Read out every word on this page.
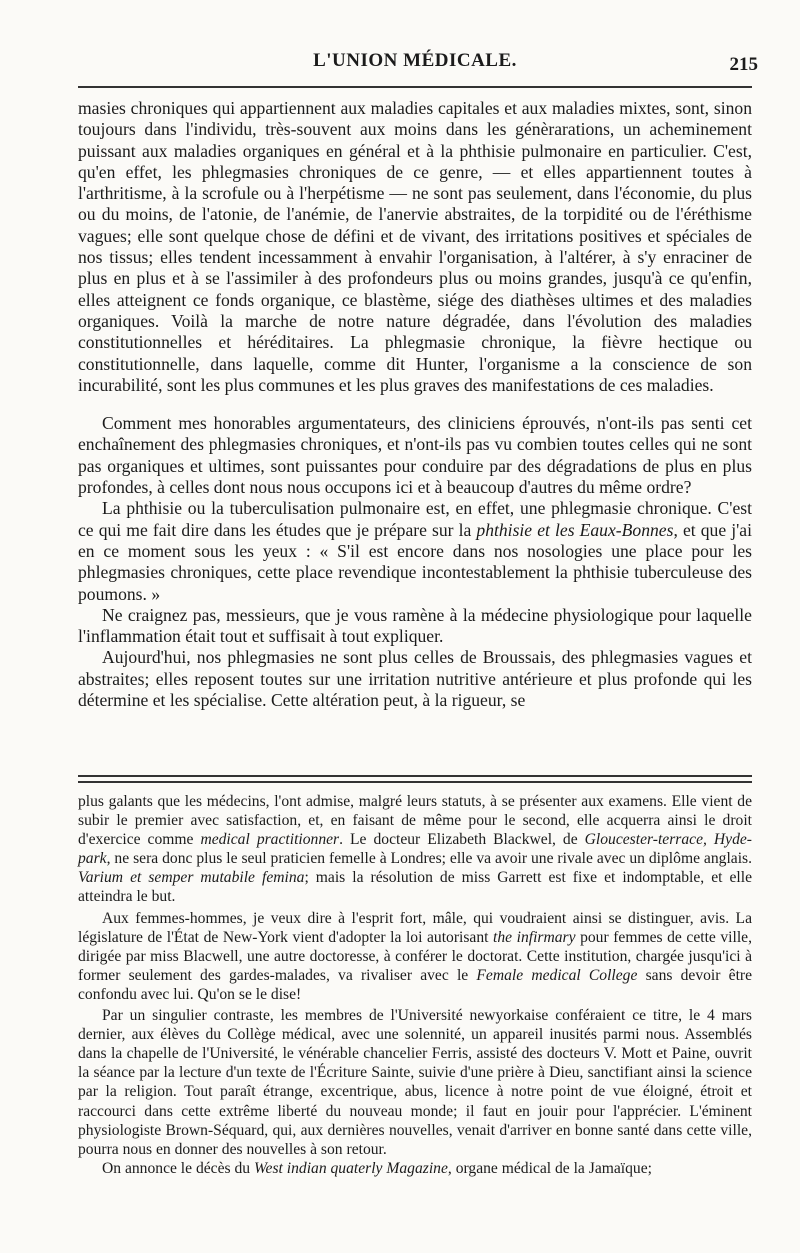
L'UNION MÉDICALE.	215

masies chroniques qui appartiennent aux maladies capitales et aux maladies mixtes, sont, sinon toujours dans l'individu, très-souvent aux moins dans les génèrarations, un acheminement puissant aux maladies organiques en général et à la phthisie pulmonaire en particulier. C'est, qu'en effet, les phlegmasies chroniques de ce genre, — et elles appartiennent toutes à l'arthritisme, à la scrofule ou à l'herpétisme — ne sont pas seulement, dans l'économie, du plus ou du moins, de l'atonie, de l'anémie, de l'anervie abstraites, de la torpidité ou de l'éréthisme vagues; elle sont quelque chose de défini et de vivant, des irritations positives et spéciales de nos tissus; elles tendent incessamment à envahir l'organisation, à l'altérer, à s'y enraciner de plus en plus et à se l'assimiler à des profondeurs plus ou moins grandes, jusqu'à ce qu'enfin, elles atteignent ce fonds organique, ce blastème, siége des diathèses ultimes et des maladies organiques. Voilà la marche de notre nature dégradée, dans l'évolution des maladies constitutionnelles et héréditaires. La phlegmasie chronique, la fièvre hectique ou constitutionnelle, dans laquelle, comme dit Hunter, l'organisme a la conscience de son incurabilité, sont les plus communes et les plus graves des manifestations de ces maladies.

Comment mes honorables argumentateurs, des cliniciens éprouvés, n'ont-ils pas senti cet enchaînement des phlegmasies chroniques, et n'ont-ils pas vu combien toutes celles qui ne sont pas organiques et ultimes, sont puissantes pour conduire par des dégradations de plus en plus profondes, à celles dont nous nous occupons ici et à beaucoup d'autres du même ordre?

La phthisie ou la tuberculisation pulmonaire est, en effet, une phlegmasie chronique. C'est ce qui me fait dire dans les études que je prépare sur la phthisie et les Eaux-Bonnes, et que j'ai en ce moment sous les yeux : « S'il est encore dans nos nosologies une place pour les phlegmasies chroniques, cette place revendique incontestablement la phthisie tuberculeuse des poumons. »

Ne craignez pas, messieurs, que je vous ramène à la médecine physiologique pour laquelle l'inflammation était tout et suffisait à tout expliquer.

Aujourd'hui, nos phlegmasies ne sont plus celles de Broussais, des phlegmasies vagues et abstraites; elles reposent toutes sur une irritation nutritive antérieure et plus profonde qui les détermine et les spécialise. Cette altération peut, à la rigueur, se

plus galants que les médecins, l'ont admise, malgré leurs statuts, à se présenter aux examens. Elle vient de subir le premier avec satisfaction, et, en faisant de même pour le second, elle acquerra ainsi le droit d'exercice comme medical practitionner. Le docteur Elizabeth Blackwel, de Gloucester-terrace, Hyde-park, ne sera donc plus le seul praticien femelle à Londres; elle va avoir une rivale avec un diplôme anglais. Varium et semper mutabile femina; mais la résolution de miss Garrett est fixe et indomptable, et elle atteindra le but.

Aux femmes-hommes, je veux dire à l'esprit fort, mâle, qui voudraient ainsi se distinguer, avis. La législature de l'État de New-York vient d'adopter la loi autorisant the infirmary pour femmes de cette ville, dirigée par miss Blacwell, une autre doctoresse, à conférer le doctorat. Cette institution, chargée jusqu'ici à former seulement des gardes-malades, va rivaliser avec le Female medical College sans devoir être confondu avec lui. Qu'on se le dise!

Par un singulier contraste, les membres de l'Université newyorkaise conféraient ce titre, le 4 mars dernier, aux élèves du Collège médical, avec une solennité, un appareil inusités parmi nous. Assemblés dans la chapelle de l'Université, le vénérable chancelier Ferris, assisté des docteurs V. Mott et Paine, ouvrit la séance par la lecture d'un texte de l'Écriture Sainte, suivie d'une prière à Dieu, sanctifiant ainsi la science par la religion. Tout paraît étrange, excentrique, abus, licence à notre point de vue éloigné, étroit et raccourci dans cette extrême liberté du nouveau monde; il faut en jouir pour l'apprécier. L'éminent physiologiste Brown-Séquard, qui, aux dernières nouvelles, venait d'arriver en bonne santé dans cette ville, pourra nous en donner des nouvelles à son retour.

On annonce le décès du West indian quaterly Magazine, organe médical de la Jamaïque;
